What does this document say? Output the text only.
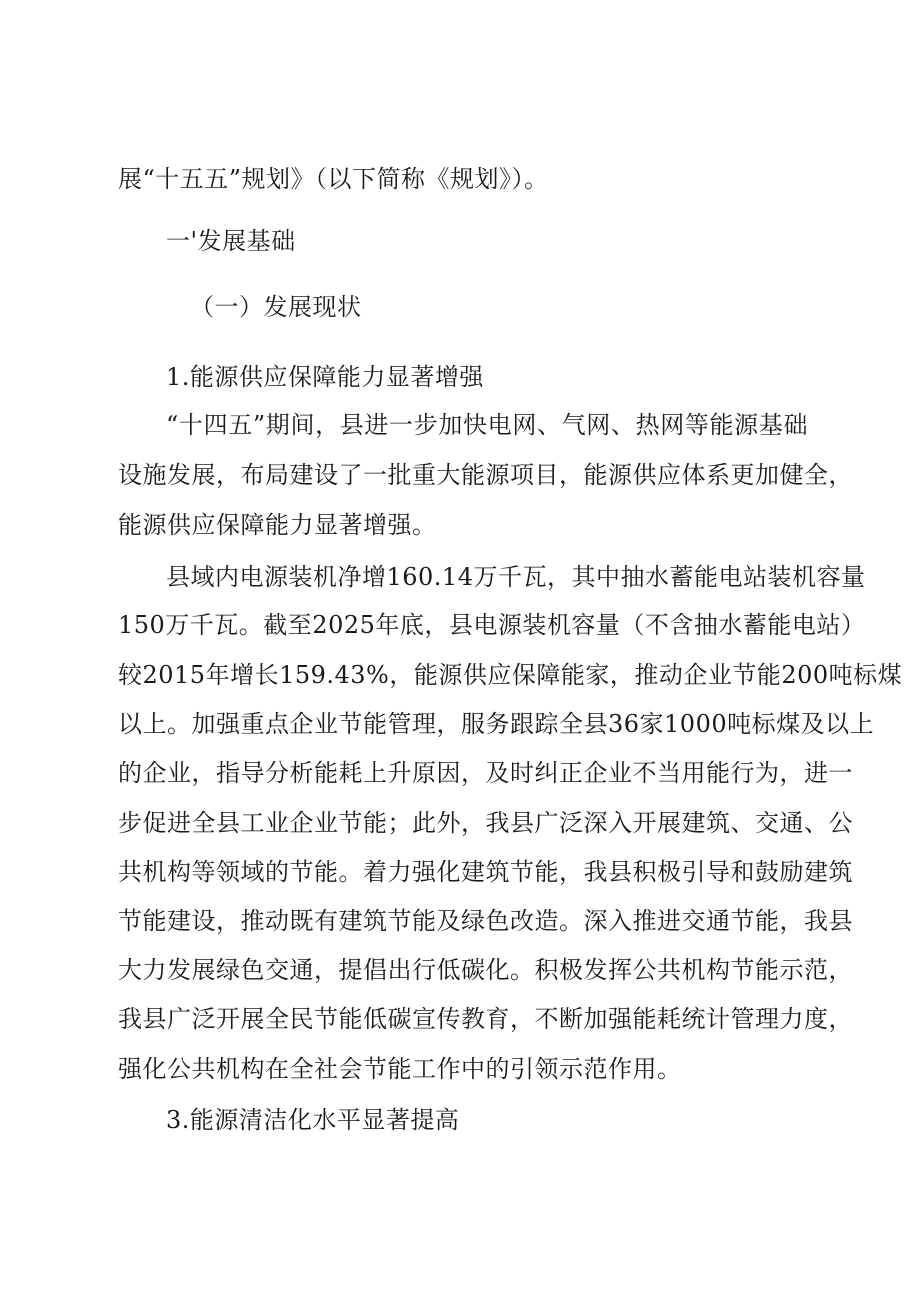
展“十五五”规划》（以下简称《规划》）。
一'发展基础
（一）发展现状
1.能源供应保障能力显著增强
“十四五”期间，县进一步加快电网、气网、热网等能源基础
设施发展，布局建设了一批重大能源项目，能源供应体系更加健全，
能源供应保障能力显著增强。
县域内电源装机净增160.14万千瓦，其中抽水蓄能电站装机容量
150万千瓦。截至2025年底，县电源装机容量（不含抽水蓄能电站）
较2015年增长159.43%，能源供应保障能家，推动企业节能200吨标煤
以上。加强重点企业节能管理，服务跟踪全县36家1000吨标煤及以上
的企业，指导分析能耗上升原因，及时纠正企业不当用能行为，进一
步促进全县工业企业节能；此外，我县广泛深入开展建筑、交通、公
共机构等领域的节能。着力强化建筑节能，我县积极引导和鼓励建筑
节能建设，推动既有建筑节能及绿色改造。深入推进交通节能，我县
大力发展绿色交通，提倡出行低碳化。积极发挥公共机构节能示范，
我县广泛开展全民节能低碳宣传教育，不断加强能耗统计管理力度，
强化公共机构在全社会节能工作中的引领示范作用。
3.能源清洁化水平显著提高
